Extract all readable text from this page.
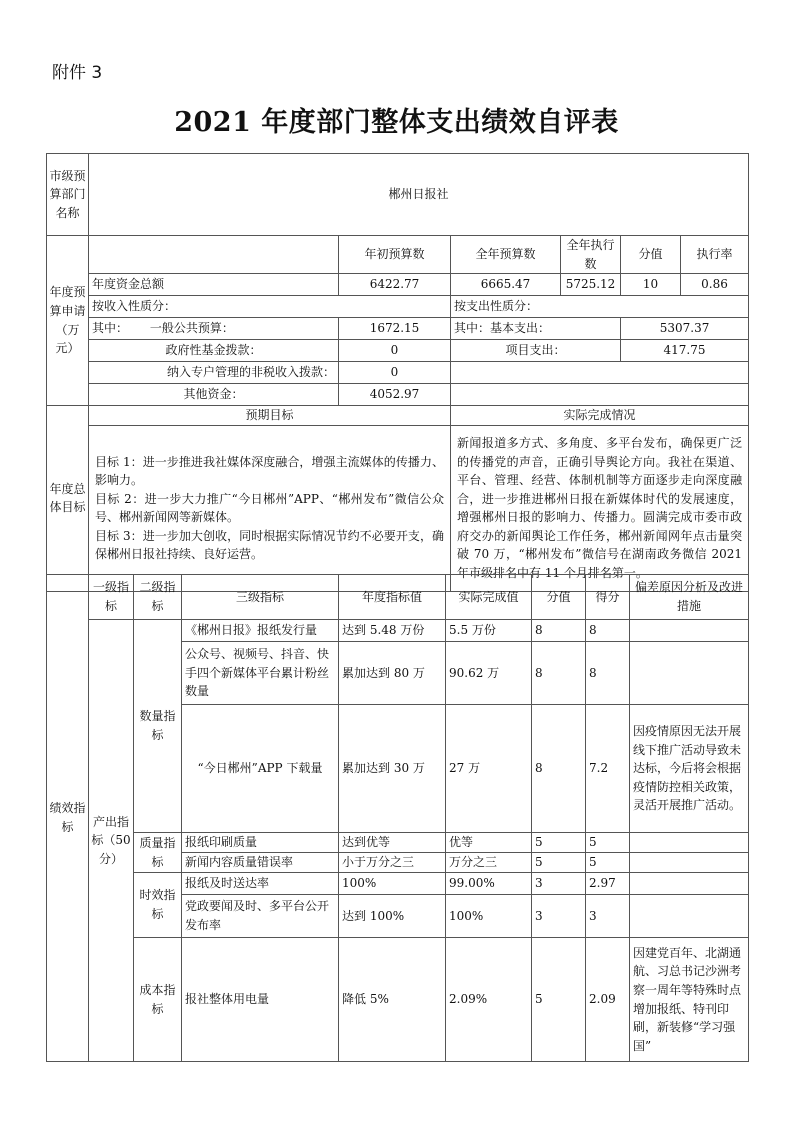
附件 3
2021 年度部门整体支出绩效自评表
市级预算部门名称	郴州日报社						
年度预算申请（万元）		年初预算数	全年预算数	全年执行数	分值	执行率	
	年度资金总额	6422.77	6665.47	5725.12	10	0.86	
	按收入性质分：		按支出性质分：				
	其中： 一般公共预算：	1672.15	其中：基本支出：		5307.37		
	政府性基金拨款：	0	项目支出：		417.75		
	纳入专户管理的非税收入拨款：	0					
	其他资金：	4052.97					
年度总体目标	预期目标		实际完成情况				
	目标 1：进一步推进我社媒体深度融合，增强主流媒体的传播力、影响力。
目标 2：进一步大力推广“今日郴州”APP、“郴州发布”微信公众号、郴州新闻网等新媒体。
目标 3：进一步加大创收，同时根据实际情况节约不必要开支，确保郴州日报社持续、良好运营。		新闻报道多方式、多角度、多平台发布，确保更广泛的传播党的声音，正确引导舆论方向。我社在渠道、平台、管理、经营、体制机制等方面逐步走向深度融合，进一步推进郴州日报在新媒体时代的发展速度，增强郴州日报的影响力、传播力。圆满完成市委市政府交办的新闻舆论工作任务，郴州新闻网年点击量突破 70 万，“郴州发布”微信号在湖南政务微信 2021 年市级排名中有 11 个月排名第一。				
绩效指标	一级指标	二级指标	三级指标	年度指标值	实际完成值	分值	得分	偏差原因分析及改进措施
	产出指标（50 分）	数量指标	《郴州日报》报纸发行量	达到 5.48 万份	5.5 万份	8	8	
			公众号、视频号、抖音、快手四个新媒体平台累计粉丝数量	累加达到 80 万	90.62 万	8	8	
			“今日郴州”APP 下载量	累加达到 30 万	27 万	8	7.2	因疫情原因无法开展线下推广活动导致未达标，今后将会根据疫情防控相关政策，灵活开展推广活动。
		质量指标	报纸印刷质量	达到优等	优等	5	5	
			新闻内容质量错误率	小于万分之三	万分之三	5	5	
		时效指标	报纸及时送达率	100%	99.00%	3	2.97	
			党政要闻及时、多平台公开发布率	达到 100%	100%	3	3	
		成本指标	报社整体用电量	降低 5%	2.09%	5	2.09	因建党百年、北湖通航、习总书记沙洲考察一周年等特殊时点增加报纸、特刊印刷，新装修“学习强国”
